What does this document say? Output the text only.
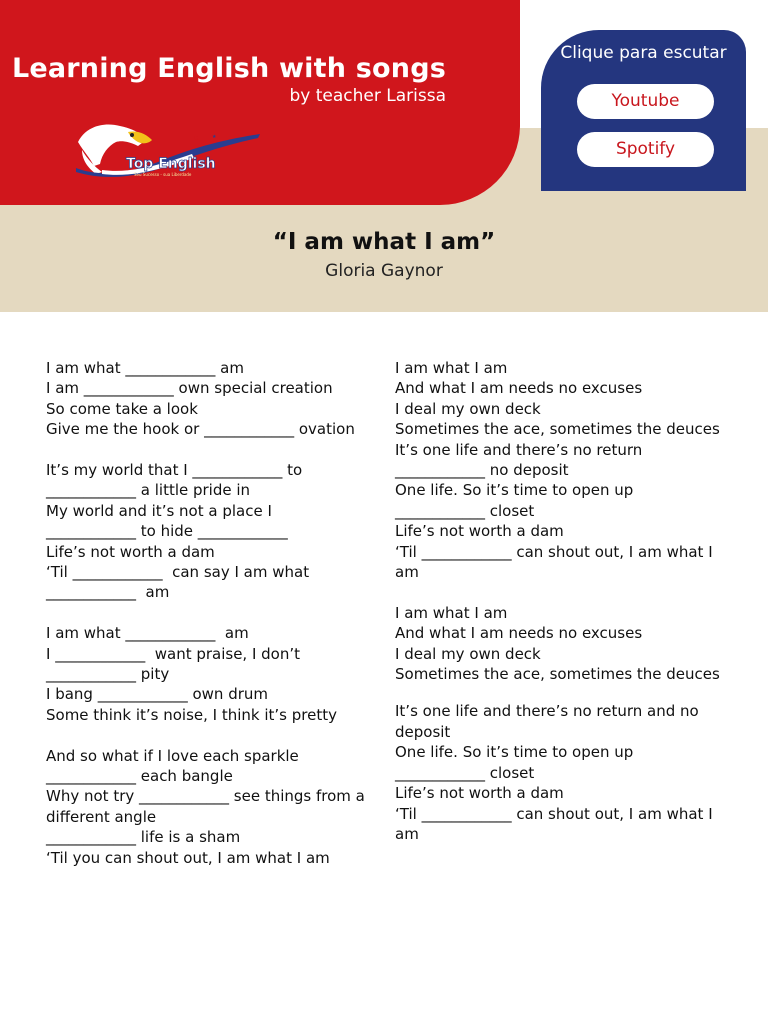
Learning English with songs
by teacher Larissa
TOP ★
Top English
Seu Sucesso - sua Liberdade
Clique para escutar
Youtube
Spotify
“I am what I am”
Gloria Gaynor
I am what ____________ am
I am ____________ own special creation
So come take a look
Give me the hook or ____________ ovation
It’s my world that I ____________ to
____________ a little pride in
My world and it’s not a place I
____________ to hide ____________
Life’s not worth a dam
‘Til ____________  can say I am what
____________  am
I am what ____________  am
I ____________  want praise, I don’t
____________ pity
I bang ____________ own drum
Some think it’s noise, I think it’s pretty
And so what if I love each sparkle
____________ each bangle
Why not try ____________ see things from a different angle
____________ life is a sham
‘Til you can shout out, I am what I am
I am what I am
And what I am needs no excuses
I deal my own deck
Sometimes the ace, sometimes the deuces
It’s one life and there’s no return
____________ no deposit
One life. So it’s time to open up
____________ closet
Life’s not worth a dam
‘Til ____________ can shout out, I am what I am
I am what I am
And what I am needs no excuses
I deal my own deck
Sometimes the ace, sometimes the deuces
It’s one life and there’s no return and no deposit
One life. So it’s time to open up
____________ closet
Life’s not worth a dam
‘Til ____________ can shout out, I am what I am
